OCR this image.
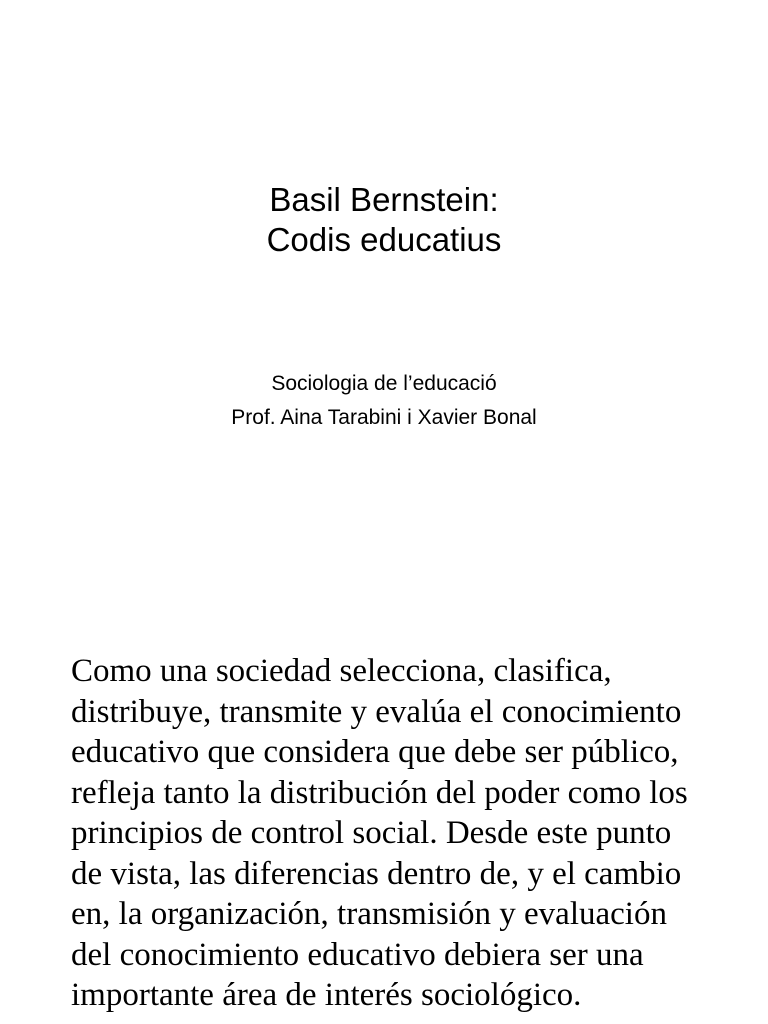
Basil Bernstein:
Codis educatius
Sociologia de l’educació
Prof. Aina Tarabini i Xavier Bonal
Como una sociedad selecciona, clasifica,
distribuye, transmite y evalúa el conocimiento
educativo que considera que debe ser público,
refleja tanto la distribución del poder como los
principios de control social. Desde este punto
de vista, las diferencias dentro de, y el cambio
en, la organización, transmisión y evaluación
del conocimiento educativo debiera ser una
importante área de interés sociológico.
